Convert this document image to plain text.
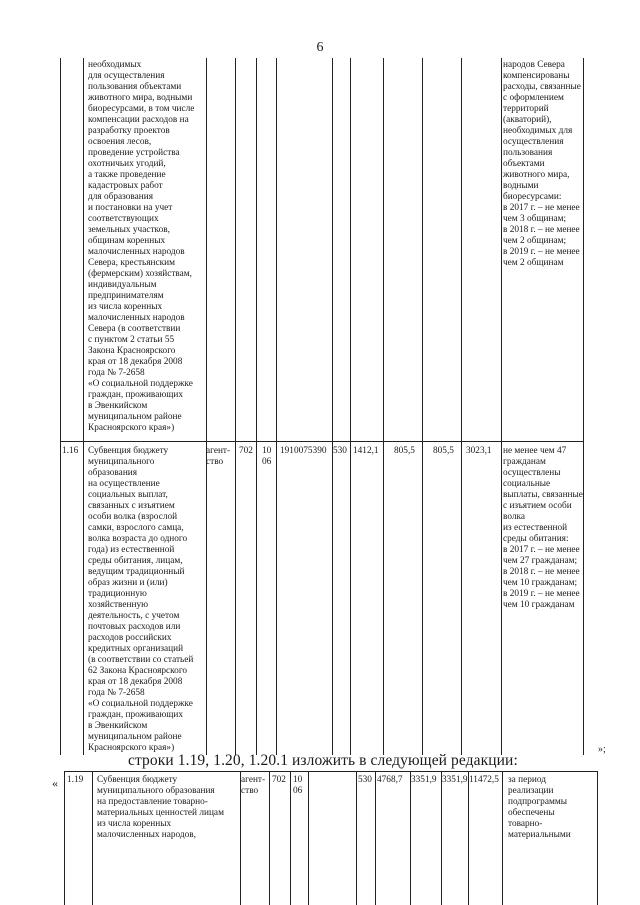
6
необходимых
для осуществления
пользования объектами
животного мира, водными
биоресурсами, в том числе
компенсации расходов на
разработку проектов
освоения лесов,
проведение устройства
охотничьих угодий,
а также проведение
кадастровых работ
для образования
и постановки на учет
соответствующих
земельных участков,
общинам коренных
малочисленных народов
Севера, крестьянским
(фермерским) хозяйствам,
индивидуальным
предпринимателям
из числа коренных
малочисленных народов
Севера (в соответствии
с пунктом 2 статьи 55
Закона Красноярского
края от 18 декабря 2008
года № 7-2658
«О социальной поддержке
граждан, проживающих
в Эвенкийском
муниципальном районе
Красноярского края»)
народов Севера
компенсированы
расходы, связанные
с оформлением
территорий
(акваторий),
необходимых для
осуществления
пользования
объектами
животного мира,
водными
биоресурсами:
в 2017 г. – не менее
чем 3 общинам;
в 2018 г. – не менее
чем 2 общинам;
в 2019 г. – не менее
чем 2 общинам
1.16 Субвенция бюджету
муниципального
образования
на осуществление
социальных выплат,
связанных с изъятием
особи волка (взрослой
самки, взрослого самца,
волка возраста до одного
года) из естественной
среды обитания, лицам,
ведущим традиционный
образ жизни и (или)
традиционную
хозяйственную
деятельность, с учетом
почтовых расходов или
расходов российских
кредитных организаций
(в соответствии со статьей
62 Закона Красноярского
края от 18 декабря 2008
года № 7-2658
«О социальной поддержке
граждан, проживающих
в Эвенкийском
муниципальном районе
Красноярского края»)
агент-
ство
702 10
06
1910075390 530 1412,1 805,5 805,5 3023,1 не менее чем 47
гражданам
осуществлены
социальные
выплаты, связанные
с изъятием особи
волка
из естественной
среды обитания:
в 2017 г. – не менее
чем 27 гражданам;
в 2018 г. – не менее
чем 10 гражданам;
в 2019 г. – не менее
чем 10 гражданам
»;
строки 1.19, 1.20, 1.20.1 изложить в следующей редакции:
« 1.19 Субвенция бюджету
муниципального образования
на предоставление товарно-
материальных ценностей лицам
из числа коренных
малочисленных народов,
агент-
ство
702 10
06
530 4768,7 3351,9 3351,9 11472,5 за период
реализации
подпрограммы
обеспечены
товарно-
материальными
